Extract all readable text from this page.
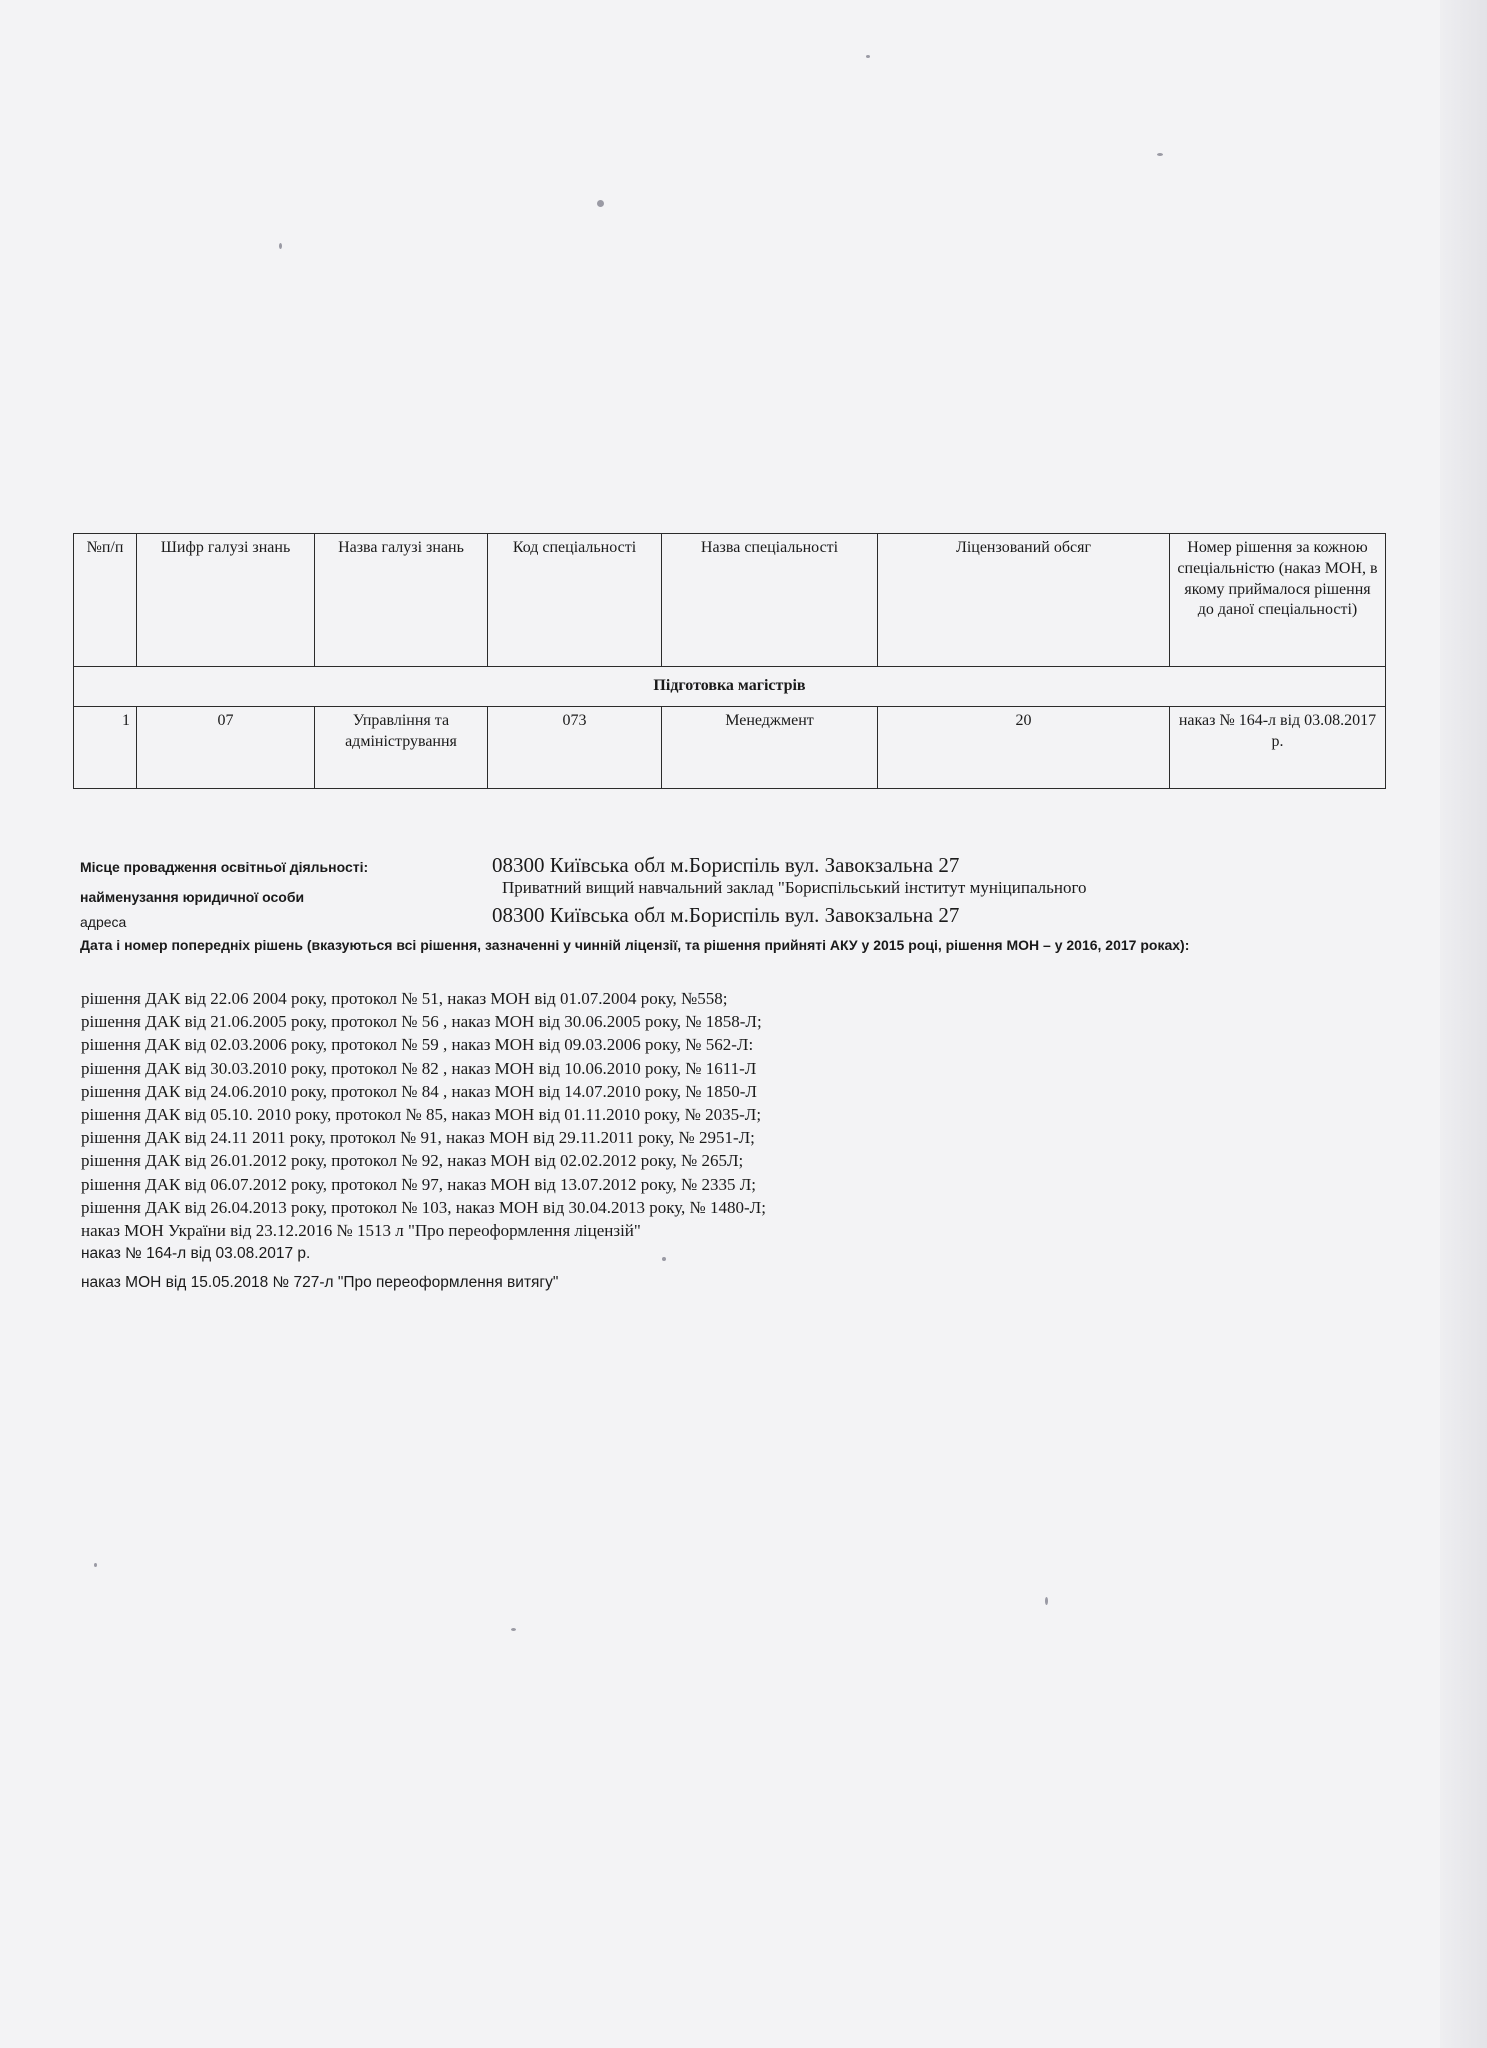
№п/п	Шифр галузі знань	Назва галузі знань	Код спеціальності	Назва спеціальності	Ліцензований обсяг	Номер рішення за кожною спеціальністю (наказ МОН, в якому приймалося рішення до даної спеціальності)
Підготовка магістрів						
1	07	Управління та адміністрування	073	Менеджмент	20	наказ № 164-л від 03.08.2017 р.
Місце провадження освітньої діяльності:	08300 Київська обл м.Бориспіль вул. Завокзальна 27
найменузання юридичної особи	Приватний вищий навчальний заклад "Бориспільський інститут муніципального
адреса	08300 Київська обл м.Бориспіль вул. Завокзальна 27
Дата і номер попередніх рішень (вказуються всі рішення, зазначенні у чинній ліцензії, та рішення прийняті АКУ у 2015 році, рішення МОН – у 2016, 2017 роках):
рішення ДАК від 22.06 2004 року, протокол № 51, наказ МОН від 01.07.2004 року, №558;
рішення ДАК від 21.06.2005 року, протокол № 56 , наказ МОН від 30.06.2005 року, № 1858-Л;
рішення ДАК від 02.03.2006 року, протокол № 59 , наказ МОН від 09.03.2006 року, № 562-Л:
рішення ДАК від 30.03.2010 року, протокол № 82 , наказ МОН від 10.06.2010 року, № 1611-Л
рішення ДАК від 24.06.2010 року, протокол № 84 , наказ МОН від 14.07.2010 року, № 1850-Л
рішення ДАК від 05.10. 2010 року, протокол № 85, наказ МОН від 01.11.2010 року, № 2035-Л;
рішення ДАК від 24.11 2011 року, протокол № 91, наказ МОН від 29.11.2011 року, № 2951-Л;
рішення ДАК від 26.01.2012 року, протокол № 92, наказ МОН від 02.02.2012 року, № 265Л;
рішення ДАК від 06.07.2012 року, протокол № 97, наказ МОН від 13.07.2012 року, № 2335 Л;
рішення ДАК від 26.04.2013 року, протокол № 103, наказ МОН від 30.04.2013 року, № 1480-Л;
наказ МОН України від 23.12.2016 № 1513 л "Про переоформлення ліцензій"
наказ № 164-л від 03.08.2017 р.
наказ МОН від 15.05.2018 № 727-л "Про переоформлення витягу"
